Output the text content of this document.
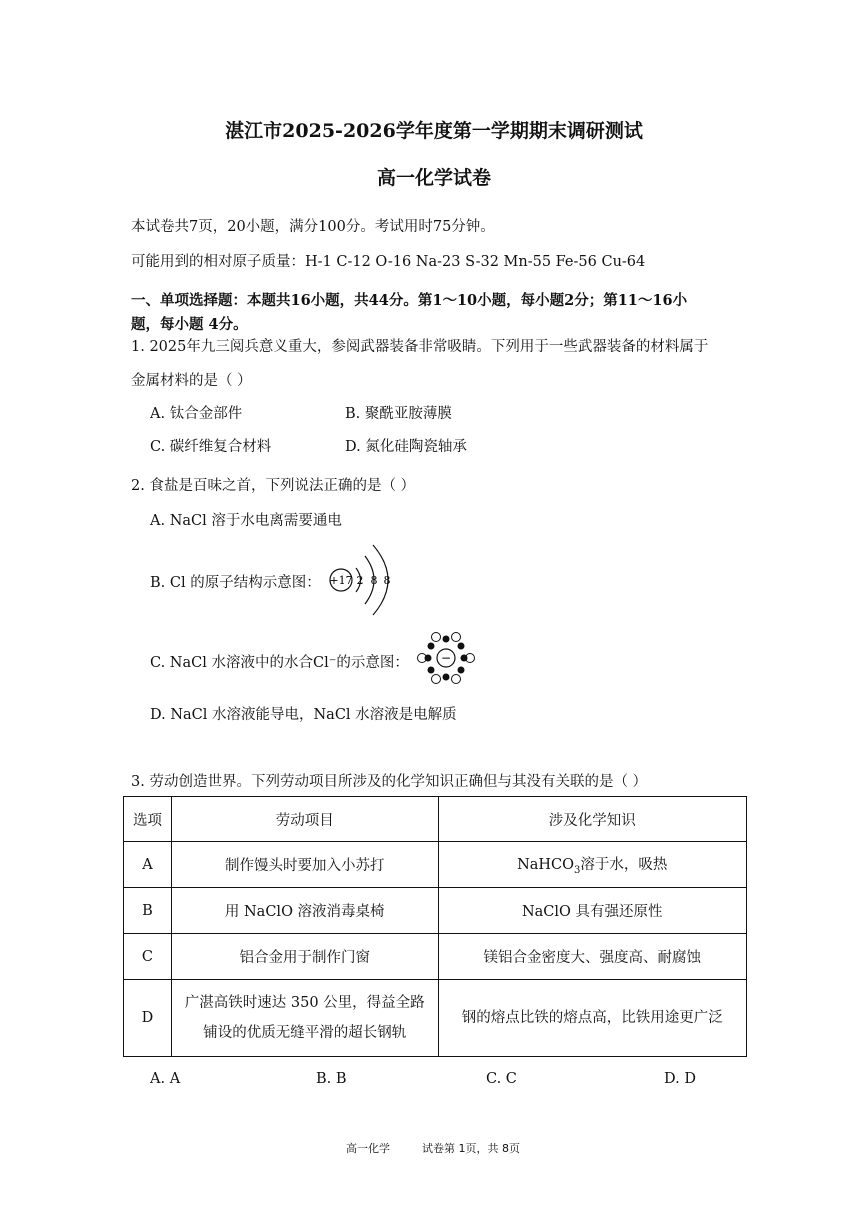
湛江市2025-2026学年度第一学期期末调研测试
高一化学试卷
本试卷共7页，20小题，满分100分。考试用时75分钟。
可能用到的相对原子质量：H-1 C-12 O-16 Na-23 S-32 Mn-55 Fe-56 Cu-64
一、单项选择题：本题共16小题，共44分。第1～10小题，每小题2分；第11～16小
题，每小题 4分。
1. 2025年九三阅兵意义重大，参阅武器装备非常吸睛。下列用于一些武器装备的材料属于
金属材料的是（ ）
A. 钛合金部件	B. 聚酰亚胺薄膜
C. 碳纤维复合材料	D. 氮化硅陶瓷轴承
2. 食盐是百味之首，下列说法正确的是（ ）
A. NaCl 溶于水电离需要通电
B. Cl 的原子结构示意图： +17 2 8 8
C. NaCl 水溶液中的水合Cl⁻的示意图：	−
D. NaCl 水溶液能导电，NaCl 水溶液是电解质
3. 劳动创造世界。下列劳动项目所涉及的化学知识正确但与其没有关联的是（ ）
选项	劳动项目	涉及化学知识
A	制作馒头时要加入小苏打	NaHCO$_3$溶于水，吸热
B	用 NaClO 溶液消毒桌椅	NaClO 具有强还原性
C	铝合金用于制作门窗	镁铝合金密度大、强度高、耐腐蚀
D	广湛高铁时速达 350 公里，得益全路
铺设的优质无缝平滑的超长钢轨	钢的熔点比铁的熔点高，比铁用途更广泛
A. A	B. B	C. C	D. D
高一化学	试卷第 1页，共 8页
